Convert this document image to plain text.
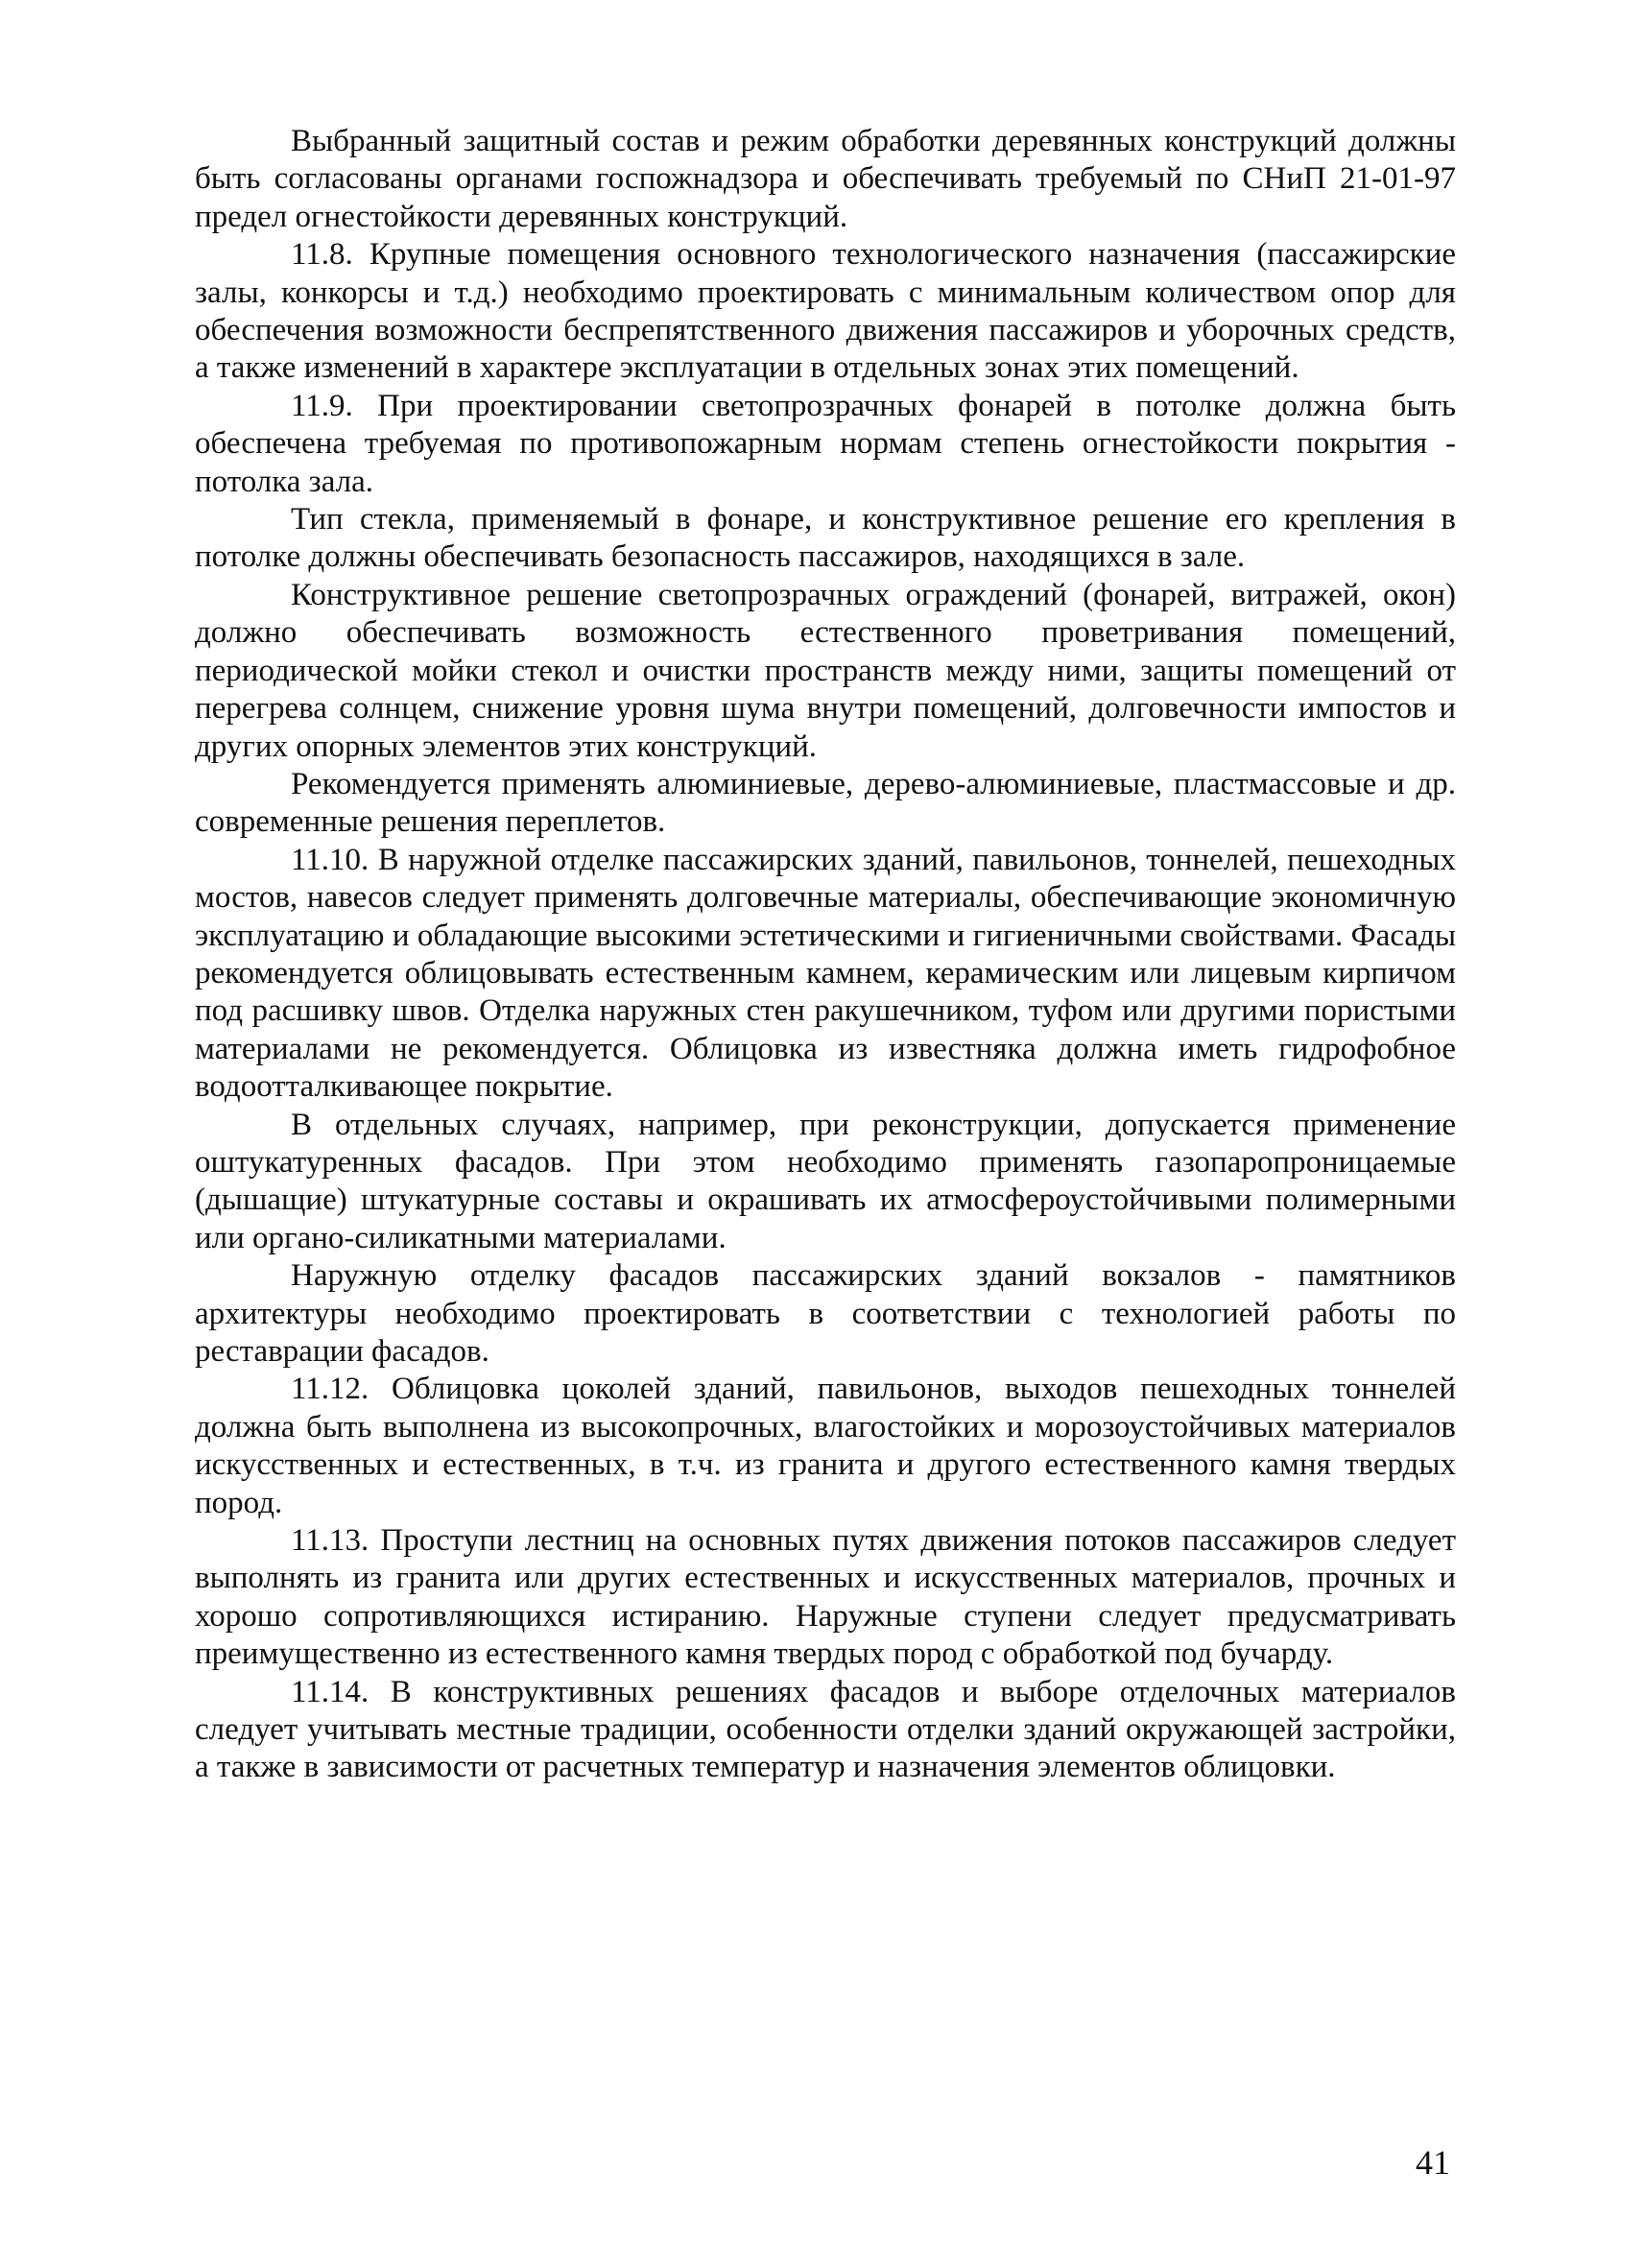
Выбранный защитный состав и режим обработки деревянных конструкций должны быть согласованы органами госпожнадзора и обеспечивать требуемый по СНиП 21-01-97 предел огнестойкости деревянных конструкций.

11.8. Крупные помещения основного технологического назначения (пассажирские залы, конкорсы и т.д.) необходимо проектировать с минимальным количеством опор для обеспечения возможности беспрепятственного движения пассажиров и уборочных средств, а также изменений в характере эксплуатации в отдельных зонах этих помещений.

11.9. При проектировании светопрозрачных фонарей в потолке должна быть обеспечена требуемая по противопожарным нормам степень огнестойкости покрытия - потолка зала.

Тип стекла, применяемый в фонаре, и конструктивное решение его крепления в потолке должны обеспечивать безопасность пассажиров, находящихся в зале.

Конструктивное решение светопрозрачных ограждений (фонарей, витражей, окон) должно обеспечивать возможность естественного проветривания помещений, периодической мойки стекол и очистки пространств между ними, защиты помещений от перегрева солнцем, снижение уровня шума внутри помещений, долговечности импостов и других опорных элементов этих конструкций.

Рекомендуется применять алюминиевые, дерево-алюминиевые, пластмассовые и др. современные решения переплетов.

11.10. В наружной отделке пассажирских зданий, павильонов, тоннелей, пешеходных мостов, навесов следует применять долговечные материалы, обеспечивающие экономичную эксплуатацию и обладающие высокими эстетическими и гигиеничными свойствами. Фасады рекомендуется облицовывать естественным камнем, керамическим или лицевым кирпичом под расшивку швов. Отделка наружных стен ракушечником, туфом или другими пористыми материалами не рекомендуется. Облицовка из известняка должна иметь гидрофобное водоотталкивающее покрытие.

В отдельных случаях, например, при реконструкции, допускается применение оштукатуренных фасадов. При этом необходимо применять газопаропроницаемые (дышащие) штукатурные составы и окрашивать их атмосфероустойчивыми полимерными или органо-силикатными материалами.

Наружную отделку фасадов пассажирских зданий вокзалов - памятников архитектуры необходимо проектировать в соответствии с технологией работы по реставрации фасадов.

11.12. Облицовка цоколей зданий, павильонов, выходов пешеходных тоннелей должна быть выполнена из высокопрочных, влагостойких и морозоустойчивых материалов искусственных и естественных, в т.ч. из гранита и другого естественного камня твердых пород.

11.13. Проступи лестниц на основных путях движения потоков пассажиров следует выполнять из гранита или других естественных и искусственных материалов, прочных и хорошо сопротивляющихся истиранию. Наружные ступени следует предусматривать преимущественно из естественного камня твердых пород с обработкой под бучарду.

11.14. В конструктивных решениях фасадов и выборе отделочных материалов следует учитывать местные традиции, особенности отделки зданий окружающей застройки, а также в зависимости от расчетных температур и назначения элементов облицовки.

41
